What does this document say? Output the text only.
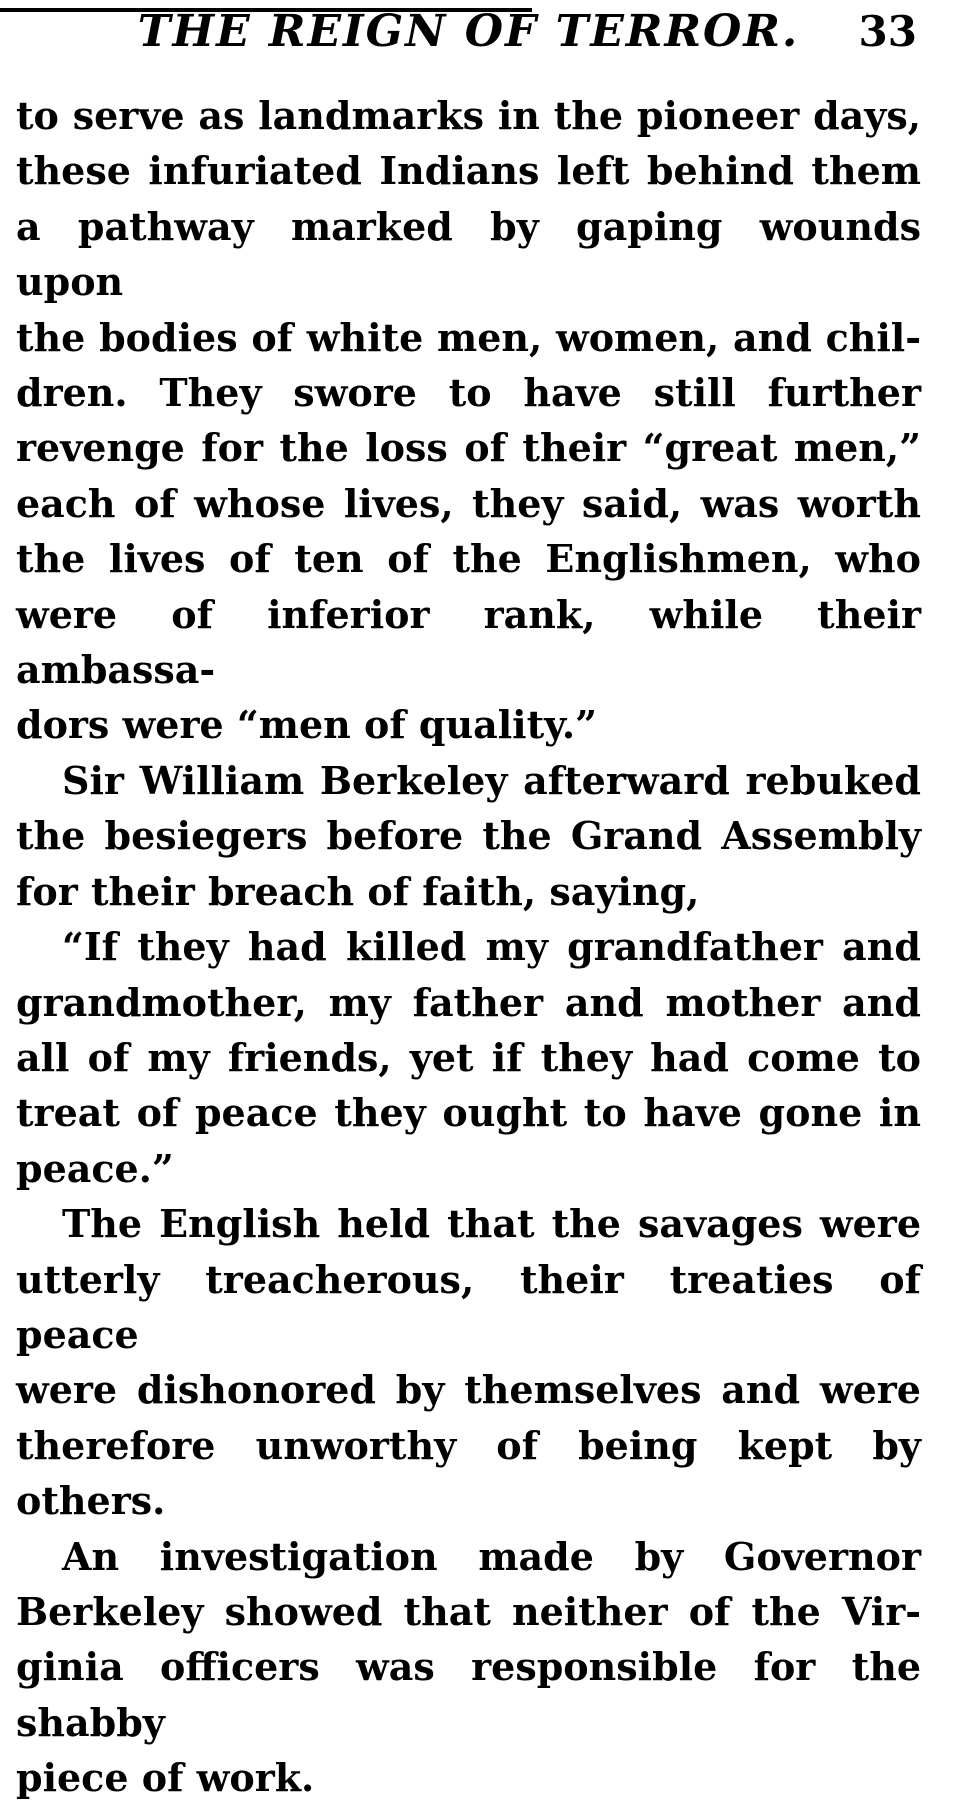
THE REIGN OF TERROR.	33
to serve as landmarks in the pioneer days,
these infuriated Indians left behind them
a pathway marked by gaping wounds upon
the bodies of white men, women, and chil-
dren. They swore to have still further
revenge for the loss of their “great men,”
each of whose lives, they said, was worth
the lives of ten of the Englishmen, who
were of inferior rank, while their ambassa-
dors were “men of quality.”
Sir William Berkeley afterward rebuked
the besiegers before the Grand Assembly
for their breach of faith, saying,
“If they had killed my grandfather and
grandmother, my father and mother and
all of my friends, yet if they had come to
treat of peace they ought to have gone in
peace.”
The English held that the savages were
utterly treacherous, their treaties of peace
were dishonored by themselves and were
therefore unworthy of being kept by others.
An investigation made by Governor
Berkeley showed that neither of the Vir-
ginia officers was responsible for the shabby
piece of work.
